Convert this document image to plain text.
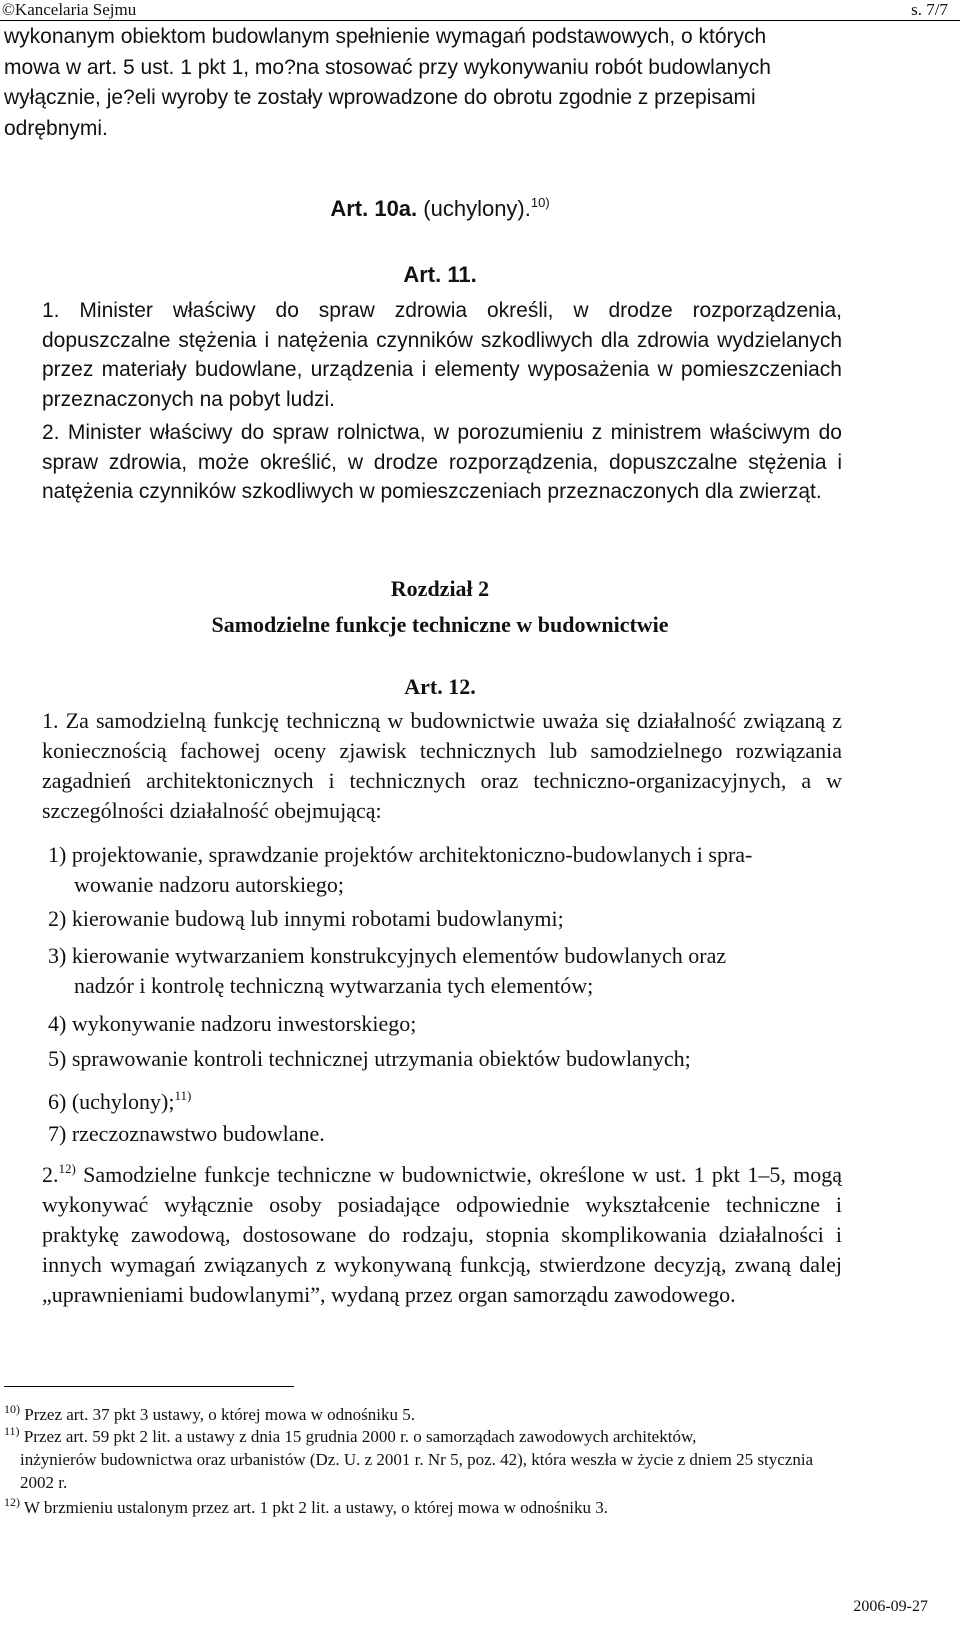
©Kancelaria Sejmu	s. 7/7

wykonanym obiektom budowlanym spełnienie wymagań podstawowych, o których mowa w art. 5 ust. 1 pkt 1, mo?na stosować przy wykonywaniu robót budowlanych wyłącznie, je?eli wyroby te zostały wprowadzone do obrotu zgodnie z przepisami odrębnymi.

Art. 10a. (uchylony).$^{10)}$
Art. 11.

1. Minister właściwy do spraw zdrowia określi, w drodze rozporządzenia, dopuszczalne stężenia i natężenia czynników szkodliwych dla zdrowia wydzielanych przez materiały budowlane, urządzenia i elementy wyposażenia w pomieszczeniach przeznaczonych na pobyt ludzi.

2. Minister właściwy do spraw rolnictwa, w porozumieniu z ministrem właściwym do spraw zdrowia, może określić, w drodze rozporządzenia, dopuszczalne stężenia i natężenia czynników szkodliwych w pomieszczeniach przeznaczonych dla zwierząt.

Rozdział 2
Samodzielne funkcje techniczne w budownictwie
Art. 12.

1. Za samodzielną funkcję techniczną w budownictwie uważa się działalność związaną z koniecznością fachowej oceny zjawisk technicznych lub samodzielnego rozwiązania zagadnień architektonicznych i technicznych oraz techniczno-organizacyjnych, a w szczególności działalność obejmującą:

1) projektowanie, sprawdzanie projektów architektoniczno-budowlanych i spra-
wowanie nadzoru autorskiego;

2) kierowanie budową lub innymi robotami budowlanymi;

3) kierowanie wytwarzaniem konstrukcyjnych elementów budowlanych oraz
nadzór i kontrolę techniczną wytwarzania tych elementów;

4) wykonywanie nadzoru inwestorskiego;

5) sprawowanie kontroli technicznej utrzymania obiektów budowlanych;

6) (uchylony);$^{11)}$

7) rzeczoznawstwo budowlane.

2.$^{12)}$ Samodzielne funkcje techniczne w budownictwie, określone w ust. 1 pkt 1–5, mogą wykonywać wyłącznie osoby posiadające odpowiednie wykształcenie techniczne i praktykę zawodową, dostosowane do rodzaju, stopnia skomplikowania działalności i innych wymagań związanych z wykonywaną funkcją, stwierdzone decyzją, zwaną dalej „uprawnieniami budowlanymi”, wydaną przez organ samorządu zawodowego.

$^{10)}$ Przez art. 37 pkt 3 ustawy, o której mowa w odnośniku 5.

$^{11)}$ Przez art. 59 pkt 2 lit. a ustawy z dnia 15 grudnia 2000 r. o samorządach zawodowych architektów,
inżynierów budownictwa oraz urbanistów (Dz. U. z 2001 r. Nr 5, poz. 42), która weszła w życie z dniem 25 stycznia 2002 r.

$^{12)}$ W brzmieniu ustalonym przez art. 1 pkt 2 lit. a ustawy, o której mowa w odnośniku 3.

2006-09-27
